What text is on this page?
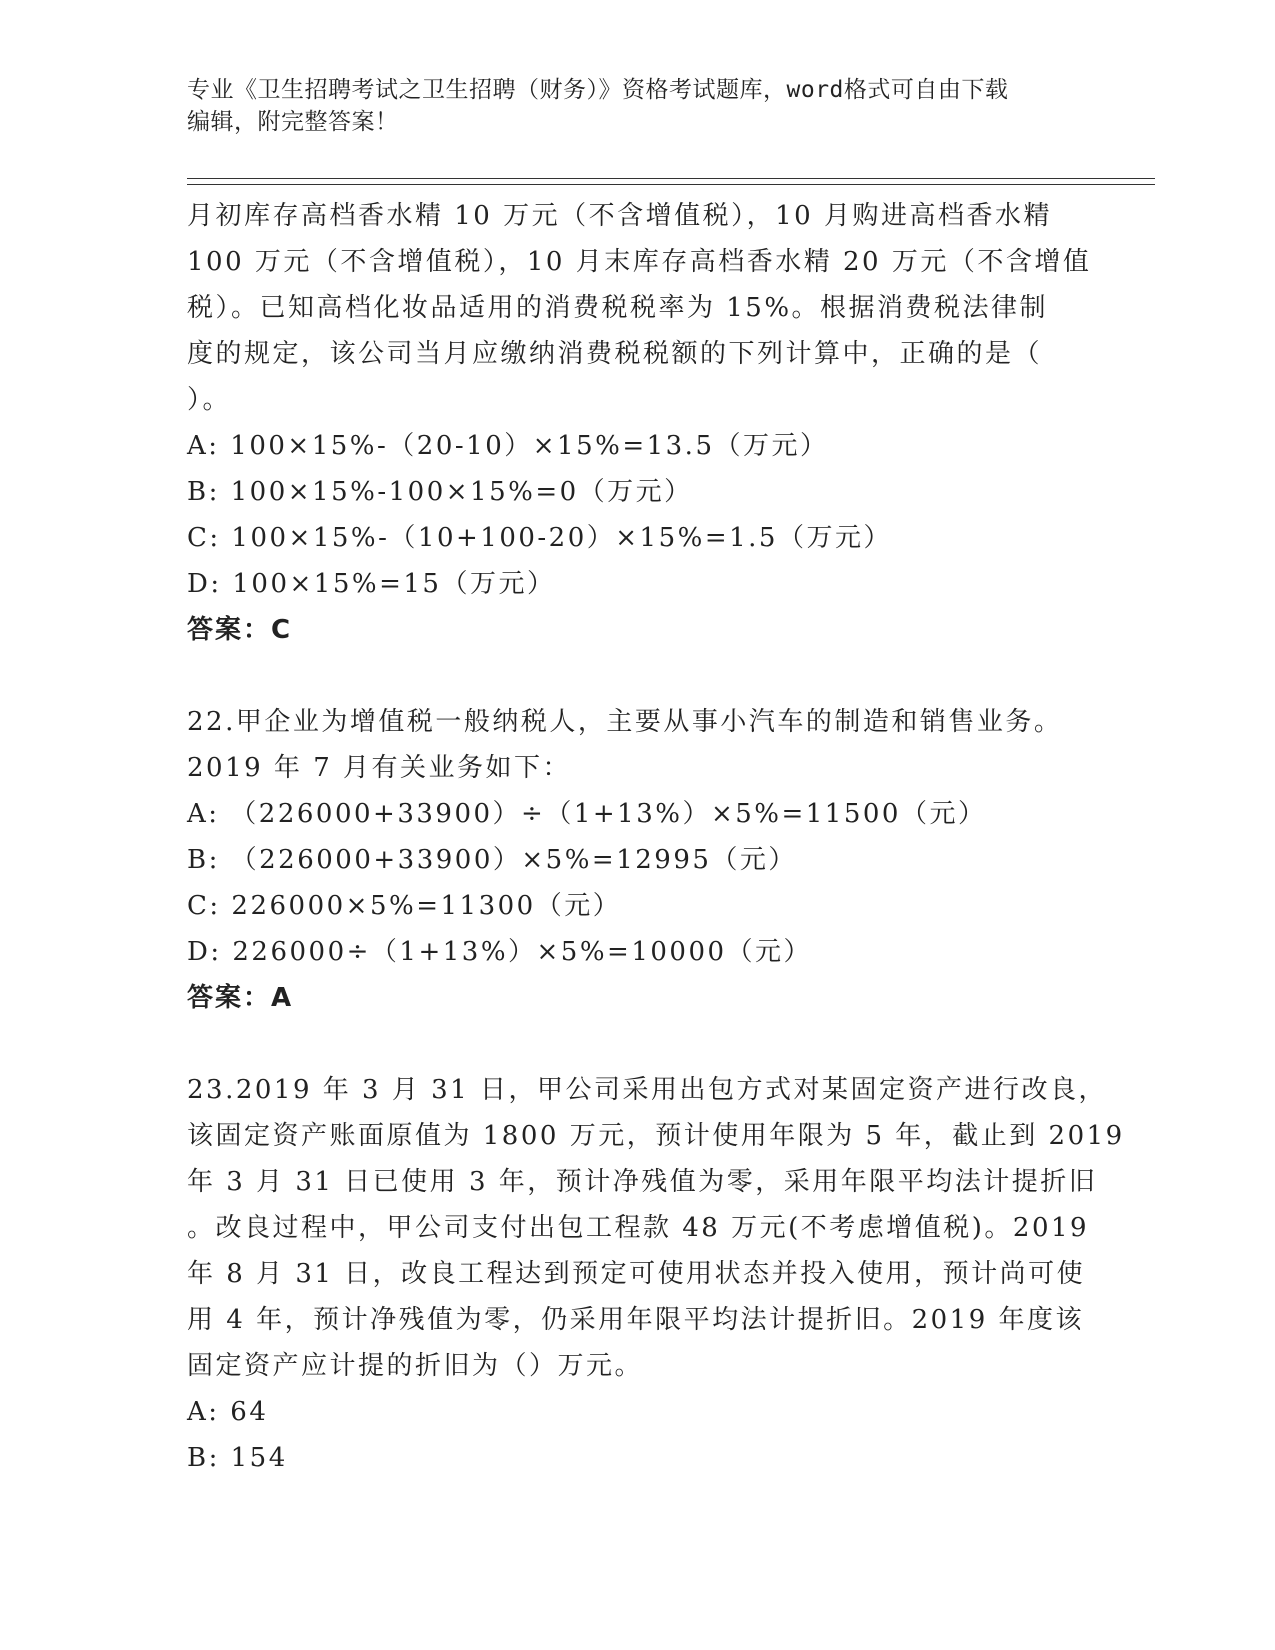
专业《卫生招聘考试之卫生招聘（财务）》资格考试题库，word格式可自由下载
编辑，附完整答案！
月初库存高档香水精 10 万元（不含增值税），10 月购进高档香水精
100 万元（不含增值税），10 月末库存高档香水精 20 万元（不含增值
税）。已知高档化妆品适用的消费税税率为 15%。根据消费税法律制
度的规定，该公司当月应缴纳消费税税额的下列计算中，正确的是（
）。
A: 100×15%-（20-10）×15%=13.5（万元）
B: 100×15%-100×15%=0（万元）
C: 100×15%-（10+100-20）×15%=1.5（万元）
D: 100×15%=15（万元）
答案：C
22.甲企业为增值税一般纳税人，主要从事小汽车的制造和销售业务。
2019 年 7 月有关业务如下：
A: （226000+33900）÷（1+13%）×5%=11500（元）
B: （226000+33900）×5%=12995（元）
C: 226000×5%=11300（元）
D: 226000÷（1+13%）×5%=10000（元）
答案：A
23.2019 年 3 月 31 日，甲公司采用出包方式对某固定资产进行改良，
该固定资产账面原值为 1800 万元，预计使用年限为 5 年，截止到 2019
年 3 月 31 日已使用 3 年，预计净残值为零，采用年限平均法计提折旧
。改良过程中，甲公司支付出包工程款 48 万元(不考虑增值税)。2019
年 8 月 31 日，改良工程达到预定可使用状态并投入使用，预计尚可使
用 4 年，预计净残值为零，仍采用年限平均法计提折旧。2019 年度该
固定资产应计提的折旧为（）万元。
A: 64
B: 154
